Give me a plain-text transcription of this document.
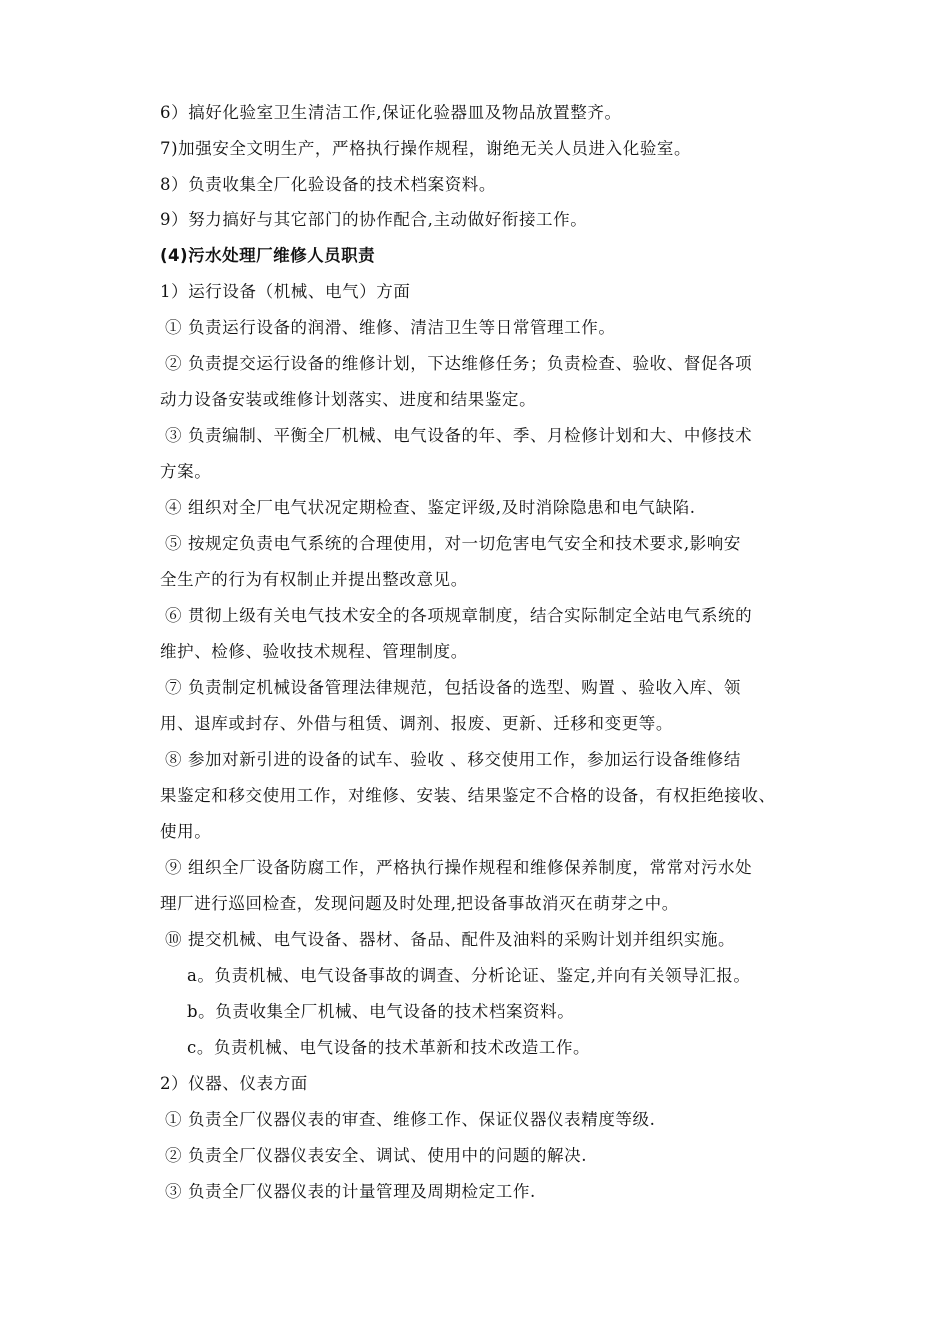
6）搞好化验室卫生清洁工作,保证化验器皿及物品放置整齐。
7)加强安全文明生产，严格执行操作规程，谢绝无关人员进入化验室。
8）负责收集全厂化验设备的技术档案资料。
9）努力搞好与其它部门的协作配合,主动做好衔接工作。
(4)污水处理厂维修人员职责
1）运行设备（机械、电气）方面
① 负责运行设备的润滑、维修、清洁卫生等日常管理工作。
② 负责提交运行设备的维修计划，下达维修任务；负责检查、验收、督促各项
动力设备安装或维修计划落实、进度和结果鉴定。
③ 负责编制、平衡全厂机械、电气设备的年、季、月检修计划和大、中修技术
方案。
④ 组织对全厂电气状况定期检查、鉴定评级,及时消除隐患和电气缺陷.
⑤ 按规定负责电气系统的合理使用，对一切危害电气安全和技术要求,影响安
全生产的行为有权制止并提出整改意见。
⑥ 贯彻上级有关电气技术安全的各项规章制度，结合实际制定全站电气系统的
维护、检修、验收技术规程、管理制度。
⑦ 负责制定机械设备管理法律规范，包括设备的选型、购置 、验收入库、领
用、退库或封存、外借与租赁、调剂、报废、更新、迁移和变更等。
⑧ 参加对新引进的设备的试车、验收 、移交使用工作，参加运行设备维修结
果鉴定和移交使用工作，对维修、安装、结果鉴定不合格的设备，有权拒绝接收、
使用。
⑨ 组织全厂设备防腐工作，严格执行操作规程和维修保养制度，常常对污水处
理厂进行巡回检查，发现问题及时处理,把设备事故消灭在萌芽之中。
⑩ 提交机械、电气设备、器材、备品、配件及油料的采购计划并组织实施。
a。负责机械、电气设备事故的调查、分析论证、鉴定,并向有关领导汇报。
b。负责收集全厂机械、电气设备的技术档案资料。
c。负责机械、电气设备的技术革新和技术改造工作。
2）仪器、仪表方面
① 负责全厂仪器仪表的审查、维修工作、保证仪器仪表精度等级.
② 负责全厂仪器仪表安全、调试、使用中的问题的解决.
③ 负责全厂仪器仪表的计量管理及周期检定工作.
